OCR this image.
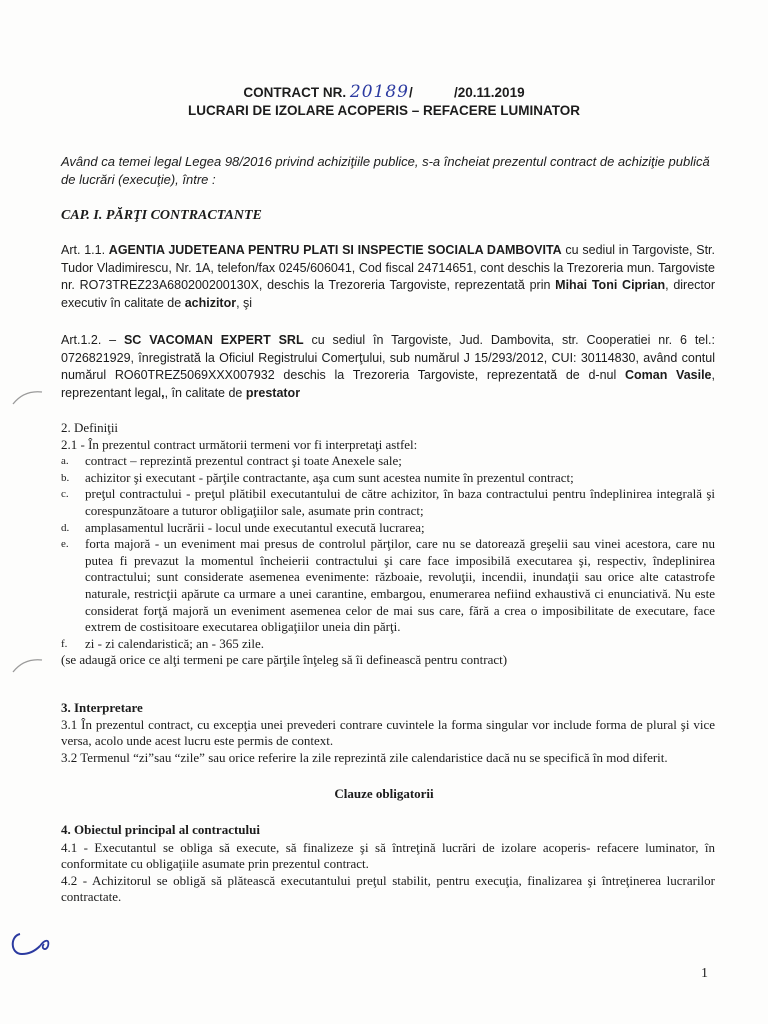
CONTRACT NR. 20189/           /20.11.2019
LUCRARI DE IZOLARE ACOPERIS – REFACERE LUMINATOR
Având ca temei legal Legea 98/2016 privind achiziţiile publice, s-a încheiat prezentul contract de achiziţie publică de lucrări (execuţie), între :
CAP. I. PĂRŢI CONTRACTANTE
Art. 1.1. AGENTIA JUDETEANA PENTRU PLATI SI INSPECTIE SOCIALA DAMBOVITA cu sediul in Targoviste, Str. Tudor Vladimirescu, Nr. 1A, telefon/fax 0245/606041, Cod fiscal 24714651, cont deschis la Trezoreria mun. Targoviste nr. RO73TREZ23A680200200130X, deschis la Trezoreria Targoviste, reprezentată prin Mihai Toni Ciprian, director executiv în calitate de achizitor, şi
Art.1.2. – SC VACOMAN EXPERT SRL cu sediul în Targoviste, Jud. Dambovita, str. Cooperatiei nr. 6 tel.: 0726821929, înregistrată la Oficiul Registrului Comerţului, sub numărul J 15/293/2012, CUI: 30114830, având contul numărul RO60TREZ5069XXX007932 deschis la Trezoreria Targoviste, reprezentată de d-nul Coman Vasile, reprezentant legal,, în calitate de prestator
2. Definiţii
2.1 - În prezentul contract următorii termeni vor fi interpretaţi astfel:
a.	contract – reprezintă prezentul contract şi toate Anexele sale;
b.	achizitor şi executant - părţile contractante, aşa cum sunt acestea numite în prezentul contract;
c.	preţul contractului - preţul plătibil executantului de către achizitor, în baza contractului pentru îndeplinirea integrală şi corespunzătoare a tuturor obligaţiilor sale, asumate prin contract;
d.	amplasamentul lucrării - locul unde executantul execută lucrarea;
e.	forta majoră - un eveniment mai presus de controlul părţilor, care nu se datorează greşelii sau vinei acestora, care nu putea fi prevazut la momentul încheierii contractului şi care face imposibilă executarea şi, respectiv, îndeplinirea contractului; sunt considerate asemenea evenimente: războaie, revoluţii, incendii, inundaţii sau orice alte catastrofe naturale, restricţii apărute ca urmare a unei carantine, embargou, enumerarea nefiind exhaustivă ci enunciativă. Nu este considerat forţă majoră un eveniment asemenea celor de mai sus care, fără a crea o imposibilitate de executare, face extrem de costisitoare executarea obligaţiilor uneia din părţi.
f.	zi - zi calendaristică; an - 365 zile.
(se adaugă orice ce alţi termeni pe care părţile înţeleg să îi definească pentru contract)
3. Interpretare
3.1 În prezentul contract, cu excepţia unei prevederi contrare cuvintele la forma singular vor include forma de plural şi vice versa, acolo unde acest lucru este permis de context.
3.2 Termenul “zi”sau “zile” sau orice referire la zile reprezintă zile calendaristice dacă nu se specifică în mod diferit.
Clauze obligatorii
4. Obiectul principal al contractului
4.1 - Executantul se obliga să execute, să finalizeze şi să întreţină lucrări de izolare acoperis- refacere luminator, în conformitate cu obligaţiile asumate prin prezentul contract.
4.2 - Achizitorul se obligă să plătească executantului preţul stabilit, pentru execuţia, finalizarea şi întreţinerea lucrarilor contractate.
1
